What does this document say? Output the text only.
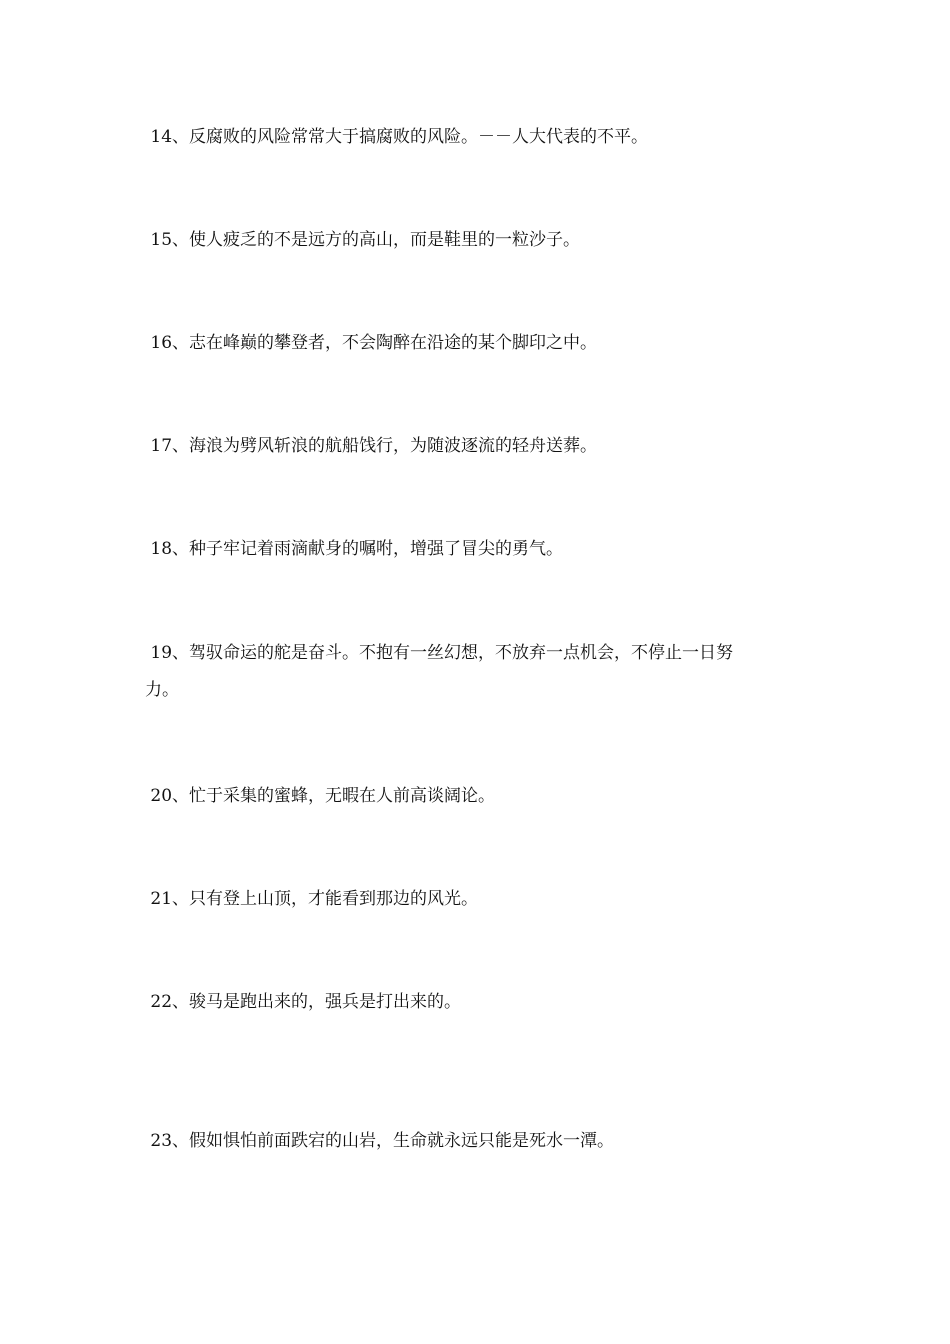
14、反腐败的风险常常大于搞腐败的风险。－－人大代表的不平。
15、使人疲乏的不是远方的高山，而是鞋里的一粒沙子。
16、志在峰巅的攀登者，不会陶醉在沿途的某个脚印之中。
17、海浪为劈风斩浪的航船饯行，为随波逐流的轻舟送葬。
18、种子牢记着雨滴献身的嘱咐，增强了冒尖的勇气。
19、驾驭命运的舵是奋斗。不抱有一丝幻想，不放弃一点机会，不停止一日努
力。
20、忙于采集的蜜蜂，无暇在人前高谈阔论。
21、只有登上山顶，才能看到那边的风光。
22、骏马是跑出来的，强兵是打出来的。
23、假如惧怕前面跌宕的山岩，生命就永远只能是死水一潭。
